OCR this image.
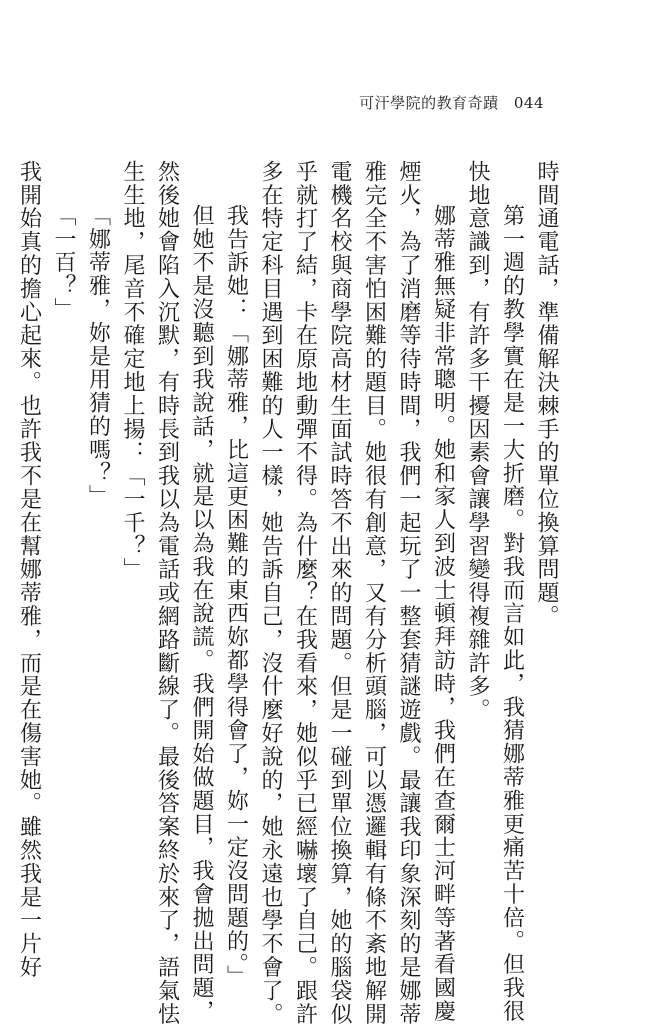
可汗學院的教育奇蹟 044

時間通電話，準備解決棘手的單位換算問題。

第一週的教學實在是一大折磨。對我而言如此，我猜娜蒂雅更痛苦十倍。但我很

快地意識到，有許多干擾因素會讓學習變得複雜許多。

娜蒂雅無疑非常聰明。她和家人到波士頓拜訪時，我們在查爾士河畔等著看國慶

煙火，為了消磨等待時間，我們一起玩了一整套猜謎遊戲。最讓我印象深刻的是娜蒂

雅完全不害怕困難的題目。她很有創意，又有分析頭腦，可以憑邏輯有條不紊地解開

電機名校與商學院高材生面試時答不出來的問題。但是一碰到單位換算，她的腦袋似

乎就打了結，卡在原地動彈不得。為什麼？在我看來，她似乎已經嚇壞了自己。跟許

多在特定科目遇到困難的人一樣，她告訴自己，沒什麼好說的，她永遠也學不會了。

我告訴她：「娜蒂雅，比這更困難的東西妳都學得會了，妳一定沒問題的。」

但她不是沒聽到我說話，就是以為我在說謊。我們開始做題目，我會拋出問題，

然後她會陷入沉默，有時長到我以為電話或網路斷線了。最後答案終於來了，語氣怯

生生地，尾音不確定地上揚：「一千？」

「娜蒂雅，妳是用猜的嗎？」

「一百？」

我開始真的擔心起來。也許我不是在幫娜蒂雅，而是在傷害她。雖然我是一片好
